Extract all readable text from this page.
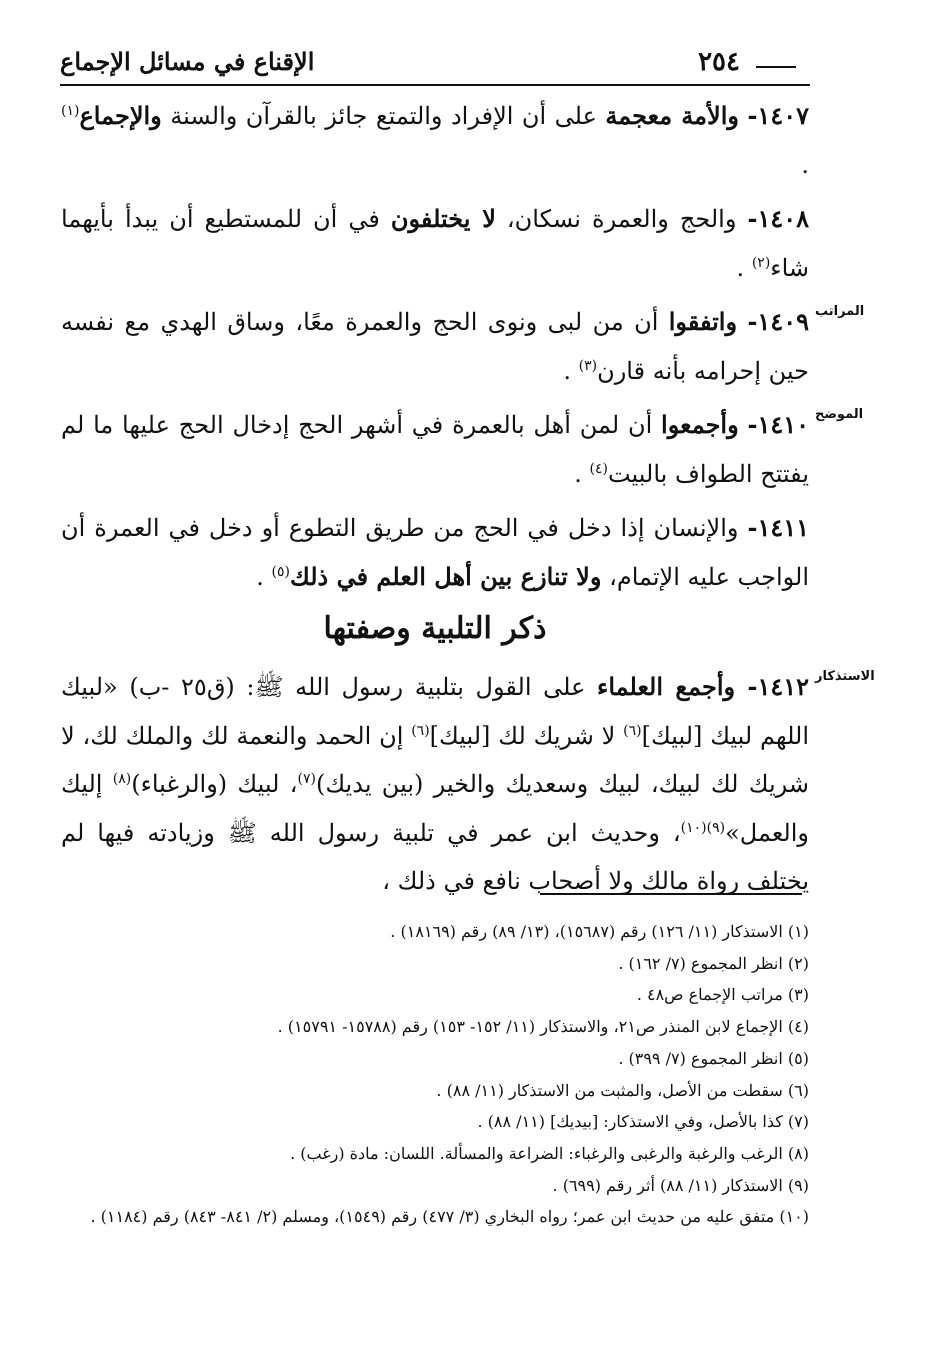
٢٥٤
الإقناع في مسائل الإجماع

١٤٠٧- والأمة معجمة على أن الإفراد والتمتع جائز بالقرآن والسنة والإجماع$^{(١)}$ .

١٤٠٨- والحج والعمرة نسكان، لا يختلفون في أن للمستطيع أن يبدأ بأيهما شاء$^{(٢)}$ .

المراتب
١٤٠٩- واتفقوا أن من لبى ونوى الحج والعمرة معًا، وساق الهدي مع نفسه حين إحرامه بأنه قارن$^{(٣)}$ .

الموضح
١٤١٠- وأجمعوا أن لمن أهل بالعمرة في أشهر الحج إدخال الحج عليها ما لم يفتتح الطواف بالبيت$^{(٤)}$ .

١٤١١- والإنسان إذا دخل في الحج من طريق التطوع أو دخل في العمرة أن الواجب عليه الإتمام، ولا تنازع بين أهل العلم في ذلك$^{(٥)}$ .

ذكر التلبية وصفتها

الاستذكار
١٤١٢- وأجمع العلماء على القول بتلبية رسول الله ﷺ: (ق٢٥ -ب) «لبيك اللهم لبيك [لبيك]$^{(٦)}$ لا شريك لك [لبيك]$^{(٦)}$ إن الحمد والنعمة لك والملك لك، لا شريك لك لبيك، لبيك وسعديك والخير (بين يديك)$^{(٧)}$، لبيك (والرغباء)$^{(٨)}$ إليك والعمل»$^{(٩)(١٠)}$، وحديث ابن عمر في تلبية رسول الله ﷺ وزيادته فيها لم يختلف رواة مالك ولا أصحاب نافع في ذلك ،

(١) الاستذكار (١١/ ١٢٦) رقم (١٥٦٨٧)، (١٣/ ٨٩) رقم (١٨١٦٩) .

(٢) انظر المجموع (٧/ ١٦٢) .

(٣) مراتب الإجماع ص٤٨ .

(٤) الإجماع لابن المنذر ص٢١، والاستذكار (١١/ ١٥٢- ١٥٣) رقم (١٥٧٨٨- ١٥٧٩١) .

(٥) انظر المجموع (٧/ ٣٩٩) .

(٦) سقطت من الأصل، والمثبت من الاستذكار (١١/ ٨٨) .

(٧) كذا بالأصل، وفي الاستذكار: [بيديك] (١١/ ٨٨) .

(٨) الرغب والرغبة والرغبى والرغباء: الضراعة والمسألة. اللسان: مادة (رغب) .

(٩) الاستذكار (١١/ ٨٨) أثر رقم (٦٩٩) .

(١٠) متفق عليه من حديث ابن عمر؛ رواه البخاري (٣/ ٤٧٧) رقم (١٥٤٩)، ومسلم (٢/ ٨٤١- ٨٤٣) رقم (١١٨٤) .
